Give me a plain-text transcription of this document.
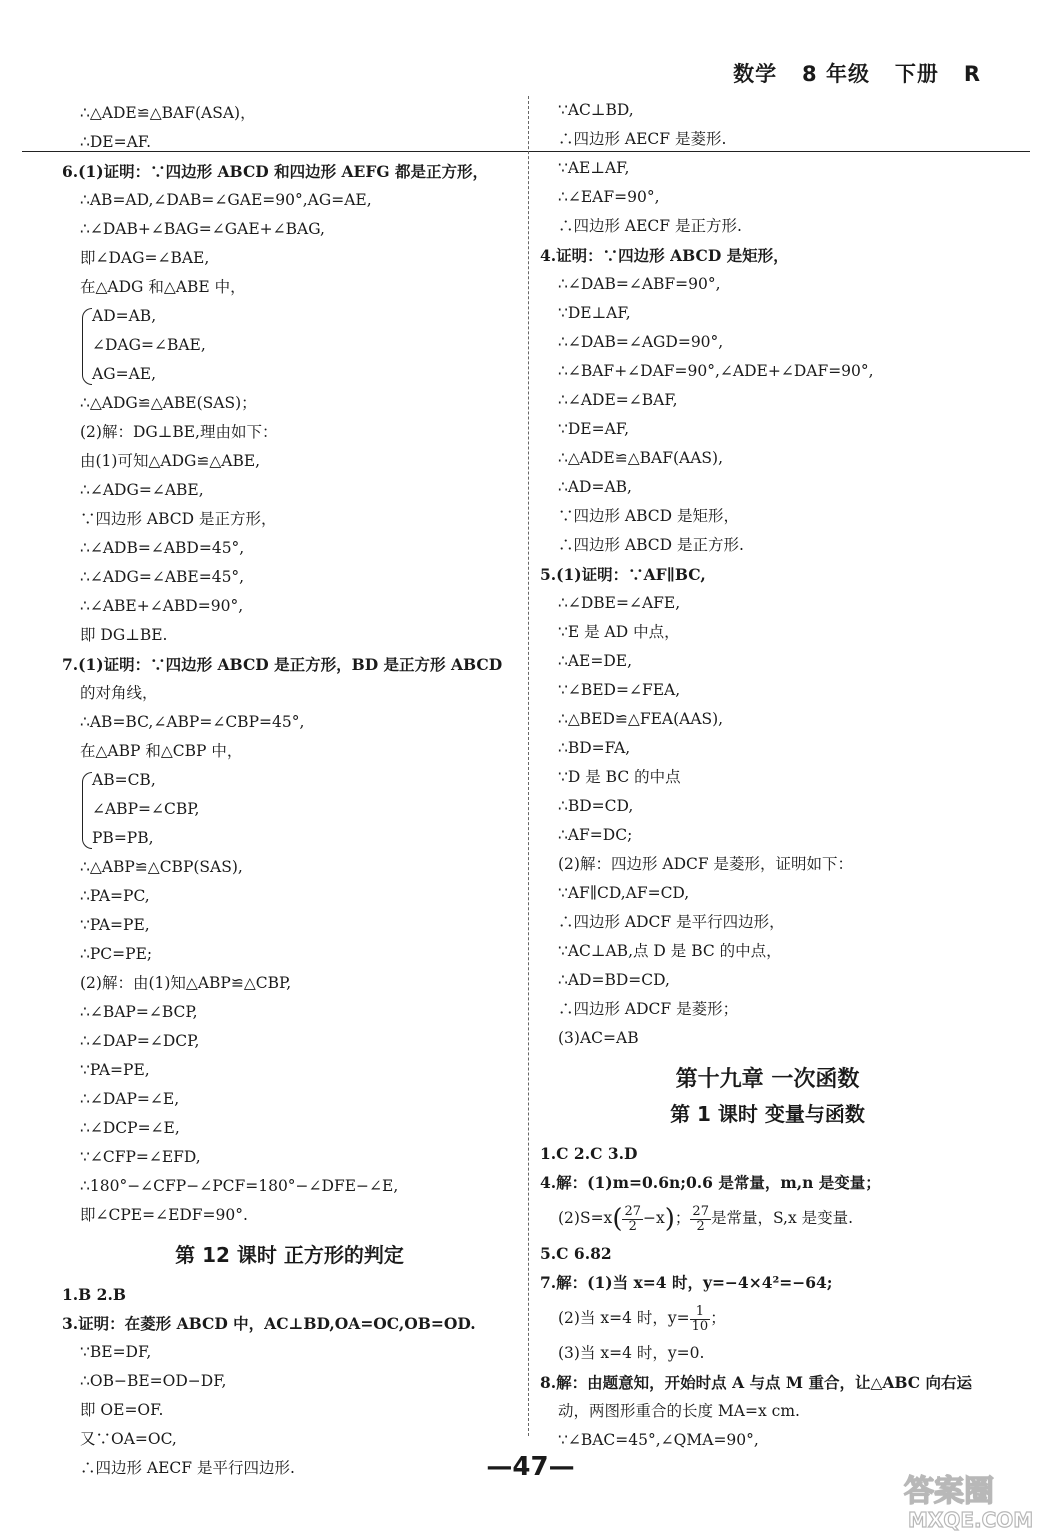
数学   8 年级   下册   R
∴△ADE≌△BAF(ASA)，
∴DE=AF.
6.(1)证明：∵四边形 ABCD 和四边形 AEFG 都是正方形，
∴AB=AD,∠DAB=∠GAE=90°,AG=AE,
∴∠DAB+∠BAG=∠GAE+∠BAG,
即∠DAG=∠BAE,
在△ADG 和△ABE 中，
AD=AB,
∠DAG=∠BAE,
AG=AE,
∴△ADG≌△ABE(SAS)；
(2)解：DG⊥BE,理由如下：
由(1)可知△ADG≌△ABE,
∴∠ADG=∠ABE,
∵四边形 ABCD 是正方形，
∴∠ADB=∠ABD=45°,
∴∠ADG=∠ABE=45°,
∴∠ABE+∠ABD=90°,
即 DG⊥BE.
7.(1)证明：∵四边形 ABCD 是正方形，BD 是正方形 ABCD
的对角线，
∴AB=BC,∠ABP=∠CBP=45°,
在△ABP 和△CBP 中，
AB=CB,
∠ABP=∠CBP,
PB=PB,
∴△ABP≌△CBP(SAS),
∴PA=PC,
∵PA=PE,
∴PC=PE;
(2)解：由(1)知△ABP≌△CBP,
∴∠BAP=∠BCP,
∴∠DAP=∠DCP,
∵PA=PE,
∴∠DAP=∠E,
∴∠DCP=∠E,
∵∠CFP=∠EFD,
∴180°−∠CFP−∠PCF=180°−∠DFE−∠E,
即∠CPE=∠EDF=90°.
第 12 课时 正方形的判定
1.B 2.B
3.证明：在菱形 ABCD 中，AC⊥BD,OA=OC,OB=OD.
∵BE=DF,
∴OB−BE=OD−DF,
即 OE=OF.
又∵OA=OC,
∴四边形 AECF 是平行四边形.
∵AC⊥BD,
∴四边形 AECF 是菱形.
∵AE⊥AF,
∴∠EAF=90°,
∴四边形 AECF 是正方形.
4.证明：∵四边形 ABCD 是矩形，
∴∠DAB=∠ABF=90°,
∵DE⊥AF,
∴∠DAB=∠AGD=90°,
∴∠BAF+∠DAF=90°,∠ADE+∠DAF=90°,
∴∠ADE=∠BAF,
∵DE=AF,
∴△ADE≌△BAF(AAS),
∴AD=AB,
∵四边形 ABCD 是矩形，
∴四边形 ABCD 是正方形.
5.(1)证明：∵AF∥BC,
∴∠DBE=∠AFE,
∵E 是 AD 中点，
∴AE=DE,
∵∠BED=∠FEA,
∴△BED≌△FEA(AAS),
∴BD=FA,
∵D 是 BC 的中点
∴BD=CD,
∴AF=DC;
(2)解：四边形 ADCF 是菱形，证明如下：
∵AF∥CD,AF=CD,
∴四边形 ADCF 是平行四边形，
∵AC⊥AB,点 D 是 BC 的中点，
∴AD=BD=CD,
∴四边形 ADCF 是菱形；
(3)AC=AB
第十九章 一次函数
第 1 课时 变量与函数
1.C 2.C 3.D
4.解：(1)m=0.6n;0.6 是常量，m,n 是变量；
$(2)S=x( \frac{27}{2} -x)$； $\frac{27}{2}$ 是常量，S,x 是变量.
5.C 6.82
7.解：(1)当 x=4 时，y=−4×4²=−64;
(2)当 x=4 时，$y= \frac{1}{10}$ ；
(3)当 x=4 时，y=0.
8.解：由题意知，开始时点 A 与点 M 重合，让△ABC 向右运
动，两图形重合的长度 MA=x cm.
∵∠BAC=45°,∠QMA=90°,
—47—
答案圈
MXQE.COM
